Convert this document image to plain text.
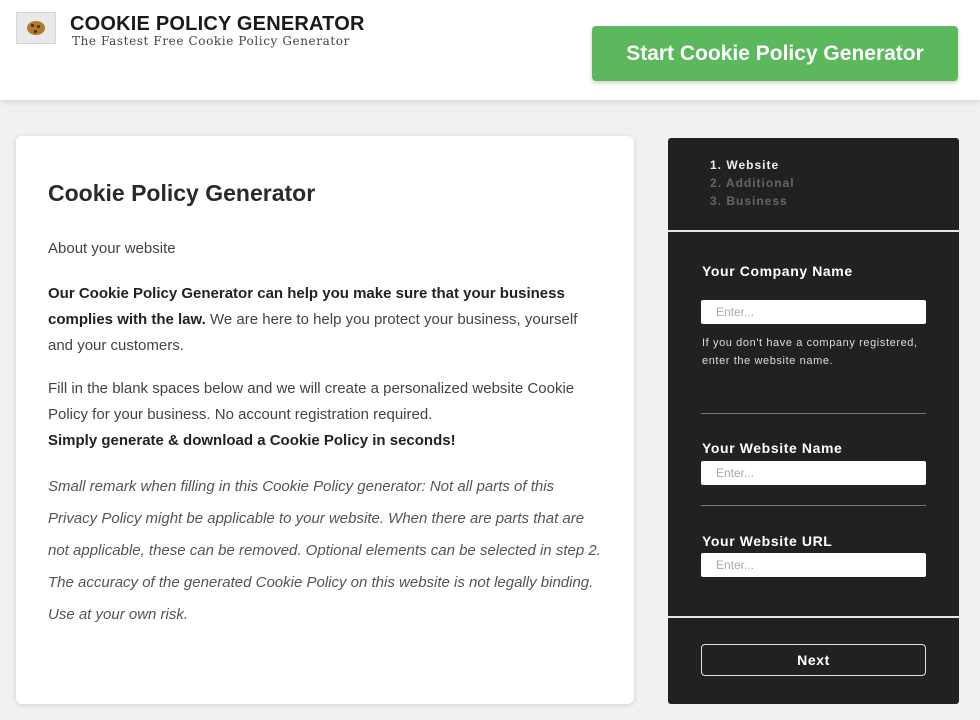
COOKIE POLICY GENERATOR
The Fastest Free Cookie Policy Generator
Start Cookie Policy Generator
Cookie Policy Generator

About your website

Our Cookie Policy Generator can help you make sure that your business complies with the law. We are here to help you protect your business, yourself and your customers.

Fill in the blank spaces below and we will create a personalized website Cookie Policy for your business. No account registration required.
Simply generate & download a Cookie Policy in seconds!

Small remark when filling in this Cookie Policy generator: Not all parts of this Privacy Policy might be applicable to your website. When there are parts that are not applicable, these can be removed. Optional elements can be selected in step 2. The accuracy of the generated Cookie Policy on this website is not legally binding. Use at your own risk.

1. Website
2. Additional
3. Business
Your Company Name
Enter...
If you don't have a company registered, enter the website name.
Your Website Name
Enter...
Your Website URL
Enter...
Next
